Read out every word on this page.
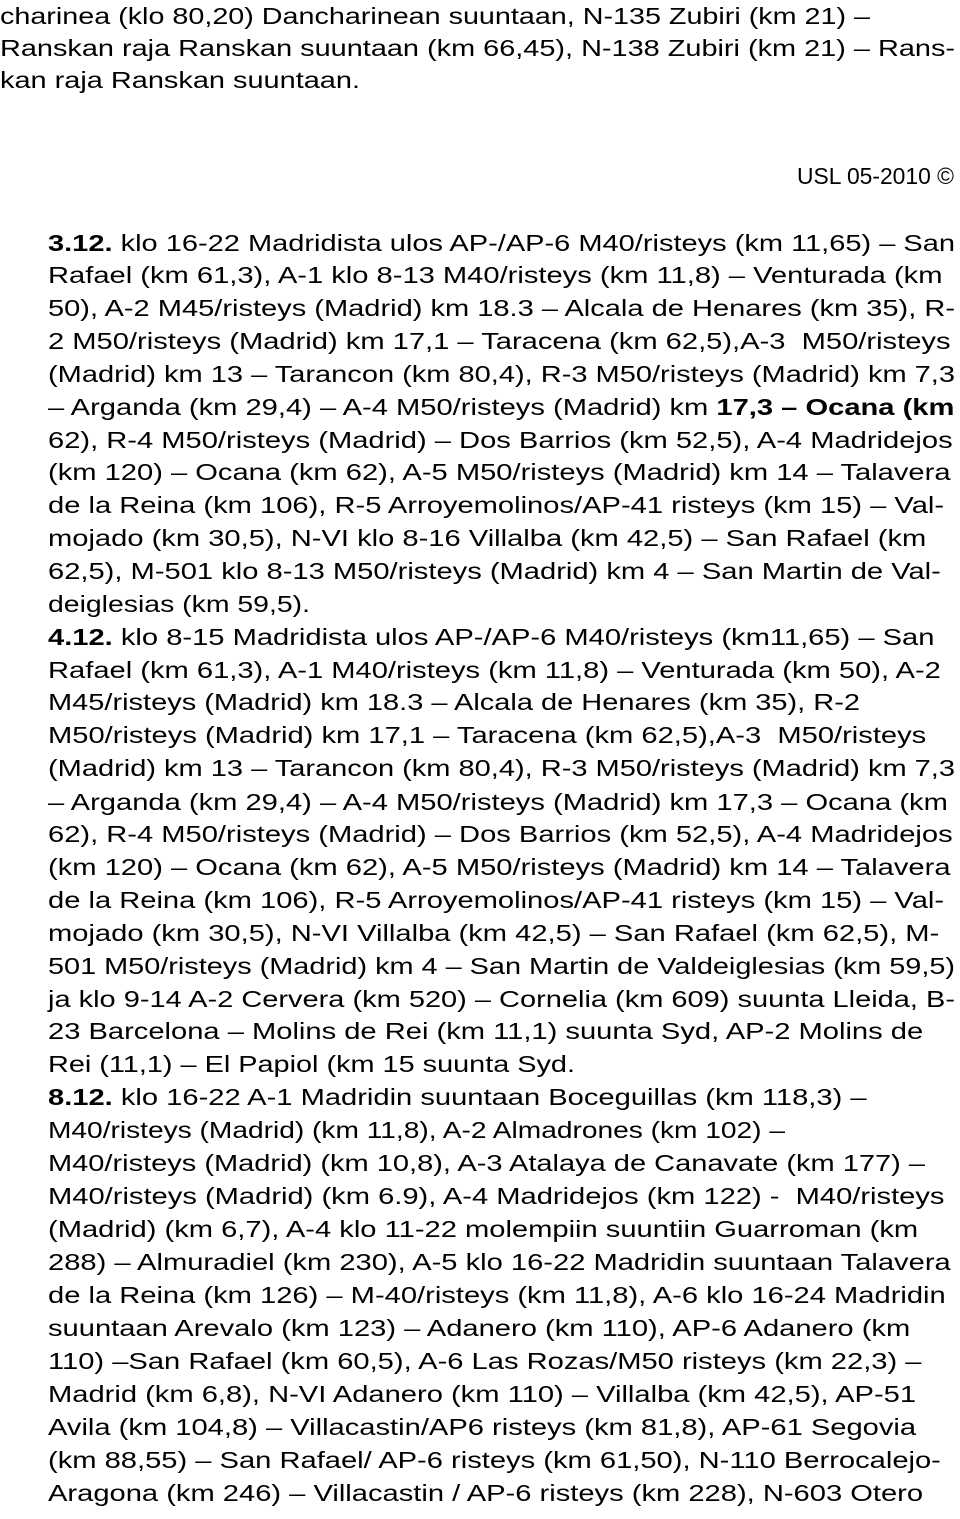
USL 05-2010 ©
charinea (klo 80,20) Dancharinean suuntaan, N-135 Zubiri (km 21) –
Ranskan raja Ranskan suuntaan (km 66,45), N-138 Zubiri (km 21) – Rans-
kan raja Ranskan suuntaan.
3.12. klo 16-22 Madridista ulos AP-/AP-6 M40/risteys (km 11,65) – San
Rafael (km 61,3), A-1 klo 8-13 M40/risteys (km 11,8) – Venturada (km
50), A-2 M45/risteys (Madrid) km 18.3 – Alcala de Henares (km 35), R-
2 M50/risteys (Madrid) km 17,1 – Taracena (km 62,5),A-3  M50/risteys
(Madrid) km 13 – Tarancon (km 80,4), R-3 M50/risteys (Madrid) km 7,3
– Arganda (km 29,4) – A-4 M50/risteys (Madrid) km 17,3 – Ocana (km
62), R-4 M50/risteys (Madrid) – Dos Barrios (km 52,5), A-4 Madridejos
(km 120) – Ocana (km 62), A-5 M50/risteys (Madrid) km 14 – Talavera
de la Reina (km 106), R-5 Arroyemolinos/AP-41 risteys (km 15) – Val-
mojado (km 30,5), N-VI klo 8-16 Villalba (km 42,5) – San Rafael (km
62,5), M-501 klo 8-13 M50/risteys (Madrid) km 4 – San Martin de Val-
deiglesias (km 59,5).
4.12. klo 8-15 Madridista ulos AP-/AP-6 M40/risteys (km11,65) – San
Rafael (km 61,3), A-1 M40/risteys (km 11,8) – Venturada (km 50), A-2
M45/risteys (Madrid) km 18.3 – Alcala de Henares (km 35), R-2
M50/risteys (Madrid) km 17,1 – Taracena (km 62,5),A-3  M50/risteys
(Madrid) km 13 – Tarancon (km 80,4), R-3 M50/risteys (Madrid) km 7,3
– Arganda (km 29,4) – A-4 M50/risteys (Madrid) km 17,3 – Ocana (km
62), R-4 M50/risteys (Madrid) – Dos Barrios (km 52,5), A-4 Madridejos
(km 120) – Ocana (km 62), A-5 M50/risteys (Madrid) km 14 – Talavera
de la Reina (km 106), R-5 Arroyemolinos/AP-41 risteys (km 15) – Val-
mojado (km 30,5), N-VI Villalba (km 42,5) – San Rafael (km 62,5), M-
501 M50/risteys (Madrid) km 4 – San Martin de Valdeiglesias (km 59,5)
ja klo 9-14 A-2 Cervera (km 520) – Cornelia (km 609) suunta Lleida, B-
23 Barcelona – Molins de Rei (km 11,1) suunta Syd, AP-2 Molins de
Rei (11,1) – El Papiol (km 15 suunta Syd.
8.12. klo 16-22 A-1 Madridin suuntaan Boceguillas (km 118,3) –
M40/risteys (Madrid) (km 11,8), A-2 Almadrones (km 102) –
M40/risteys (Madrid) (km 10,8), A-3 Atalaya de Canavate (km 177) –
M40/risteys (Madrid) (km 6.9), A-4 Madridejos (km 122) -  M40/risteys
(Madrid) (km 6,7), A-4 klo 11-22 molempiin suuntiin Guarroman (km
288) – Almuradiel (km 230), A-5 klo 16-22 Madridin suuntaan Talavera
de la Reina (km 126) – M-40/risteys (km 11,8), A-6 klo 16-24 Madridin
suuntaan Arevalo (km 123) – Adanero (km 110), AP-6 Adanero (km
110) –San Rafael (km 60,5), A-6 Las Rozas/M50 risteys (km 22,3) –
Madrid (km 6,8), N-VI Adanero (km 110) – Villalba (km 42,5), AP-51
Avila (km 104,8) – Villacastin/AP6 risteys (km 81,8), AP-61 Segovia
(km 88,55) – San Rafael/ AP-6 risteys (km 61,50), N-110 Berrocalejo-
Aragona (km 246) – Villacastin / AP-6 risteys (km 228), N-603 Otero
